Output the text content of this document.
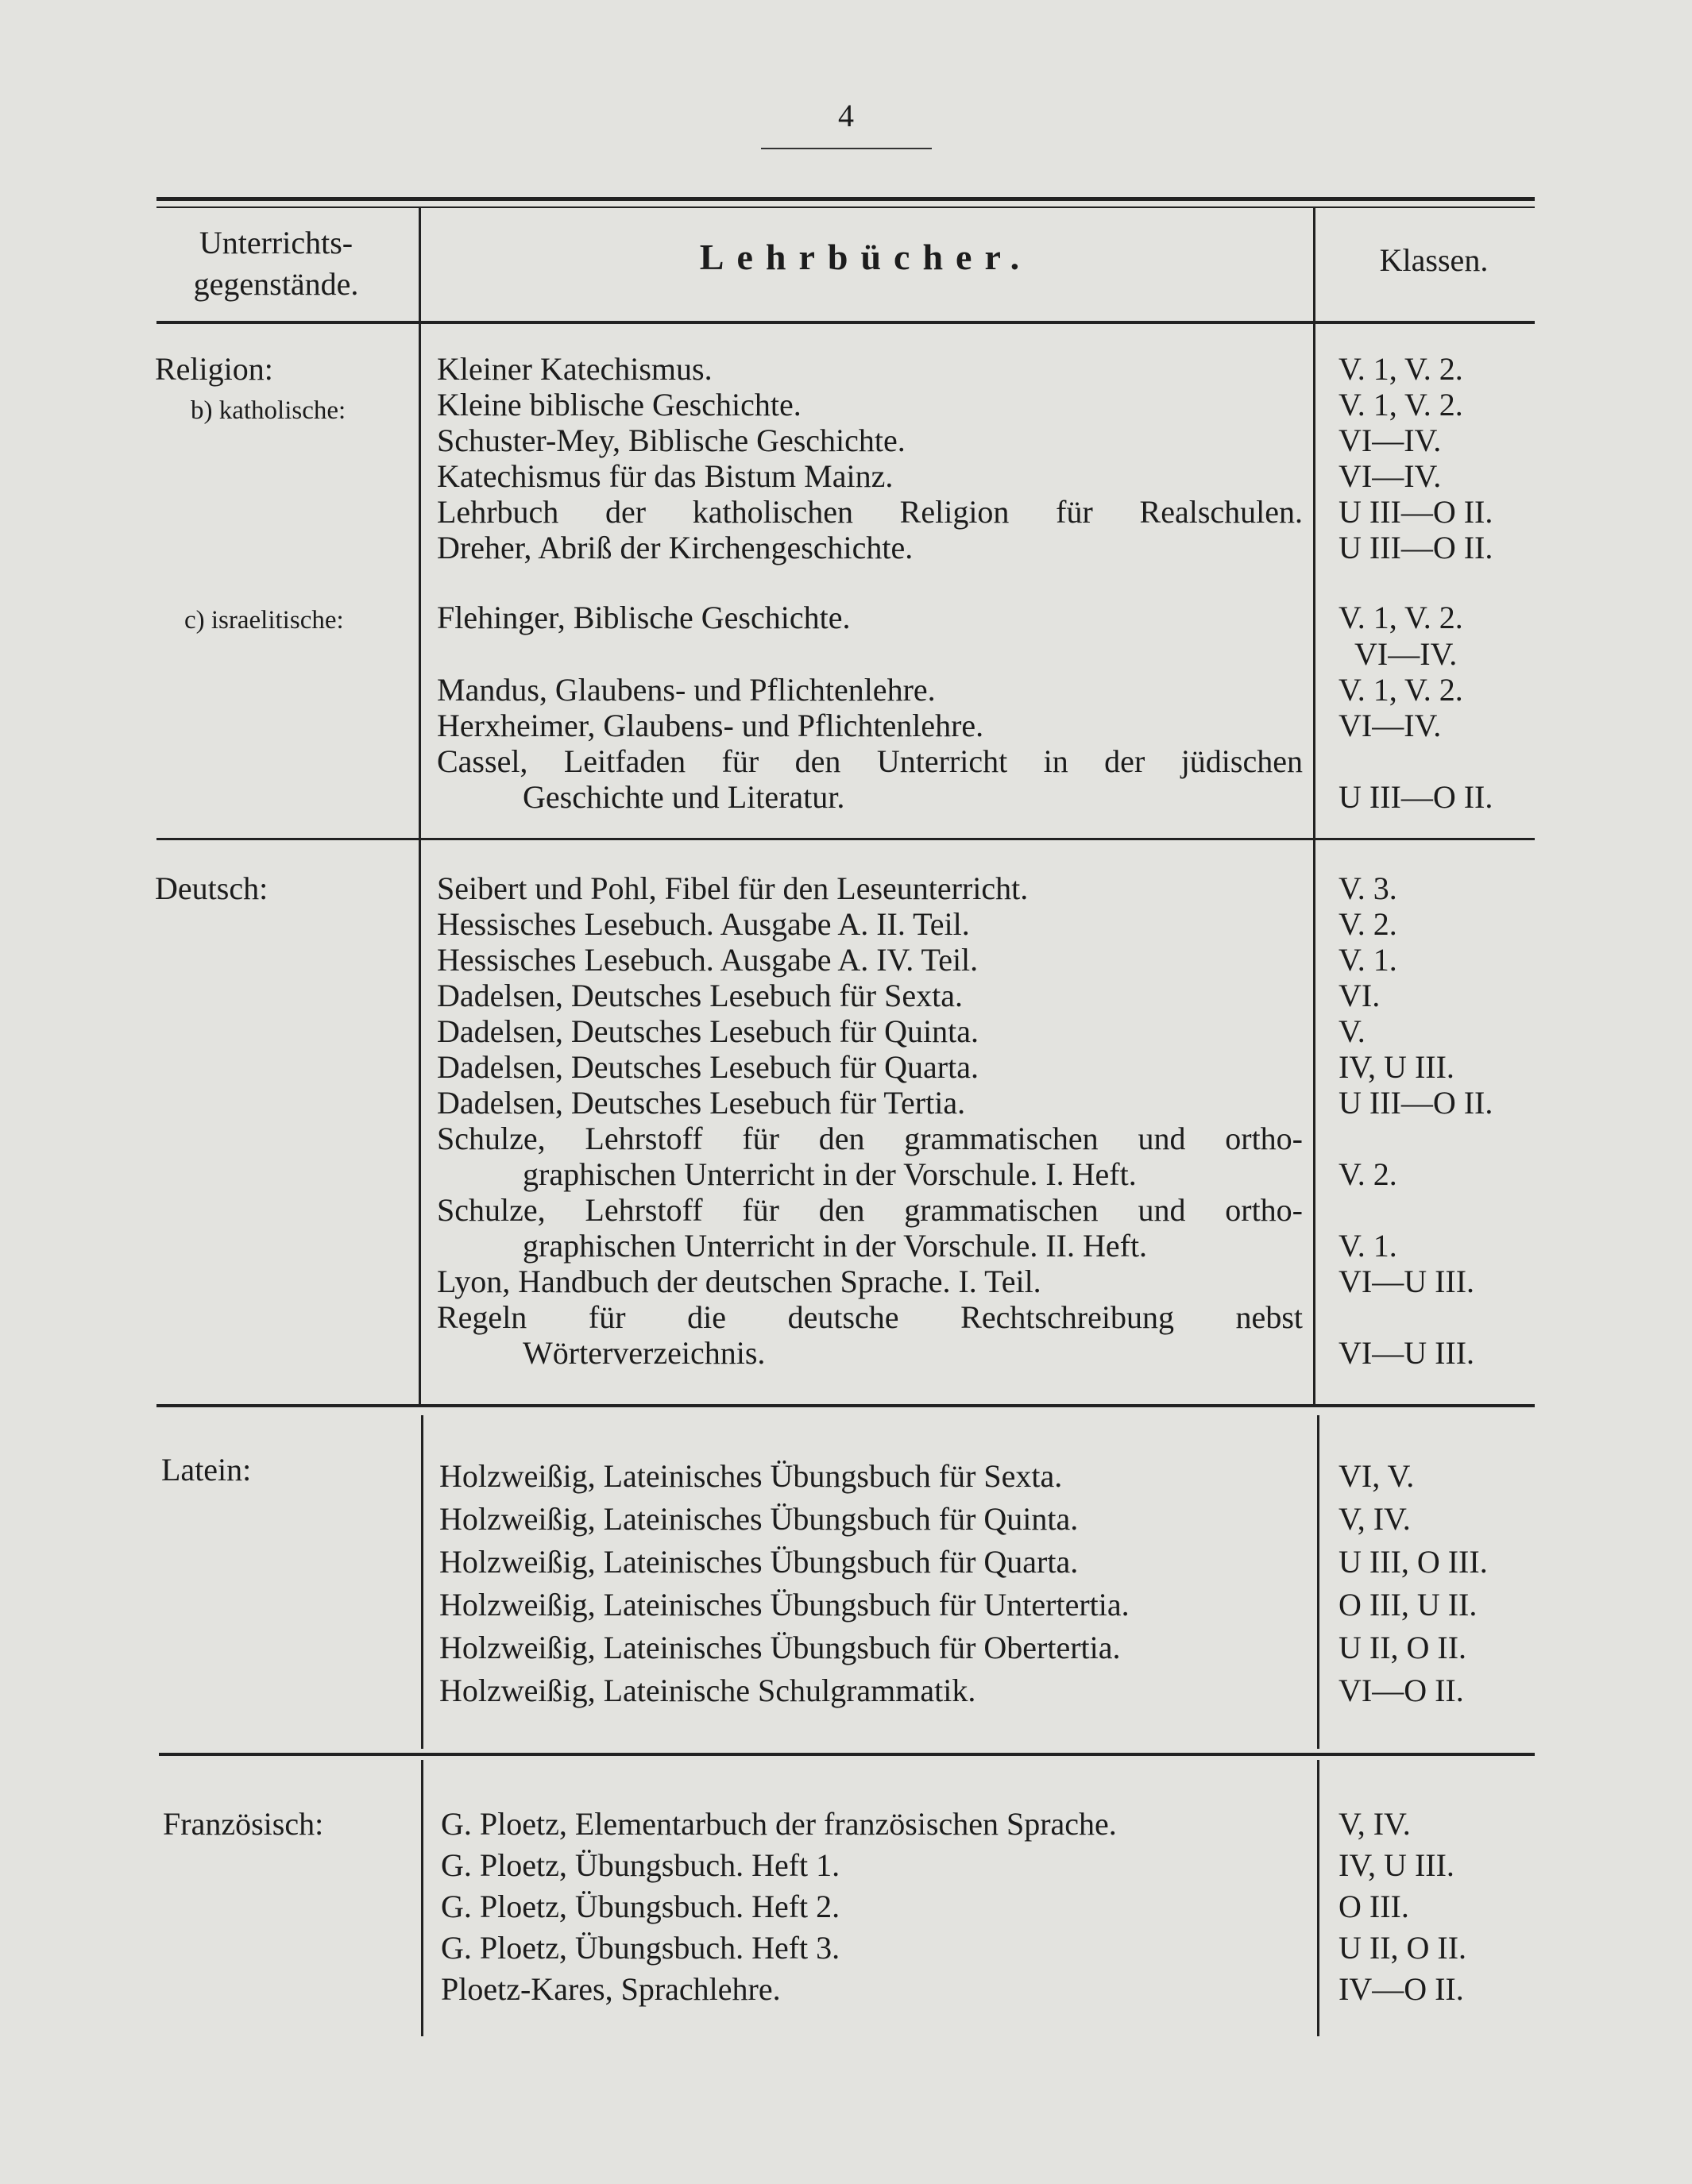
4
Unterrichts-
gegenstände.
Lehrbücher.	Klassen.
Religion:
b) katholische:
Kleiner Katechismus.	V. 1, V. 2.
Kleine biblische Geschichte.	V. 1, V. 2.
Schuster-Mey, Biblische Geschichte.	VI—IV.
Katechismus für das Bistum Mainz.	VI—IV.
Lehrbuch der katholischen Religion für Realschulen. U III—O II.
Dreher, Abriß der Kirchengeschichte.	U III—O II.
c) israelitische:	Flehinger, Biblische Geschichte.	V. 1, V. 2.
VI—IV.
Mandus, Glaubens- und Pflichtenlehre.	V. 1, V. 2.
Herxheimer, Glaubens- und Pflichtenlehre.	VI—IV.
Cassel, Leitfaden für den Unterricht in der jüdischen
Geschichte und Literatur.	U III—O II.
Deutsch:	Seibert und Pohl, Fibel für den Leseunterricht.	V. 3.
Hessisches Lesebuch. Ausgabe A. II. Teil.	V. 2.
Hessisches Lesebuch. Ausgabe A. IV. Teil.	V. 1.
Dadelsen, Deutsches Lesebuch für Sexta.	VI.
Dadelsen, Deutsches Lesebuch für Quinta.	V.
Dadelsen, Deutsches Lesebuch für Quarta.	IV, U III.
Dadelsen, Deutsches Lesebuch für Tertia.	U III—O II.
Schulze, Lehrstoff für den grammatischen und ortho-
graphischen Unterricht in der Vorschule. I. Heft.	V. 2.
Schulze, Lehrstoff für den grammatischen und ortho-
graphischen Unterricht in der Vorschule. II. Heft.	V. 1.
Lyon, Handbuch der deutschen Sprache. I. Teil.	VI—U III.
Regeln für die deutsche Rechtschreibung nebst
Wörterverzeichnis.	VI—U III.
Latein:	Holzweißig, Lateinisches Übungsbuch für Sexta.	VI, V.
Holzweißig, Lateinisches Übungsbuch für Quinta.	V, IV.
Holzweißig, Lateinisches Übungsbuch für Quarta.	U III, O III.
Holzweißig, Lateinisches Übungsbuch für Untertertia.	O III, U II.
Holzweißig, Lateinisches Übungsbuch für Obertertia.	U II, O II.
Holzweißig, Lateinische Schulgrammatik.	VI—O II.
Französisch:	G. Ploetz, Elementarbuch der französischen Sprache.	V, IV.
G. Ploetz, Übungsbuch. Heft 1.	IV, U III.
G. Ploetz, Übungsbuch. Heft 2.	O III.
G. Ploetz, Übungsbuch. Heft 3.	U II, O II.
Ploetz-Kares, Sprachlehre.	IV—O II.
